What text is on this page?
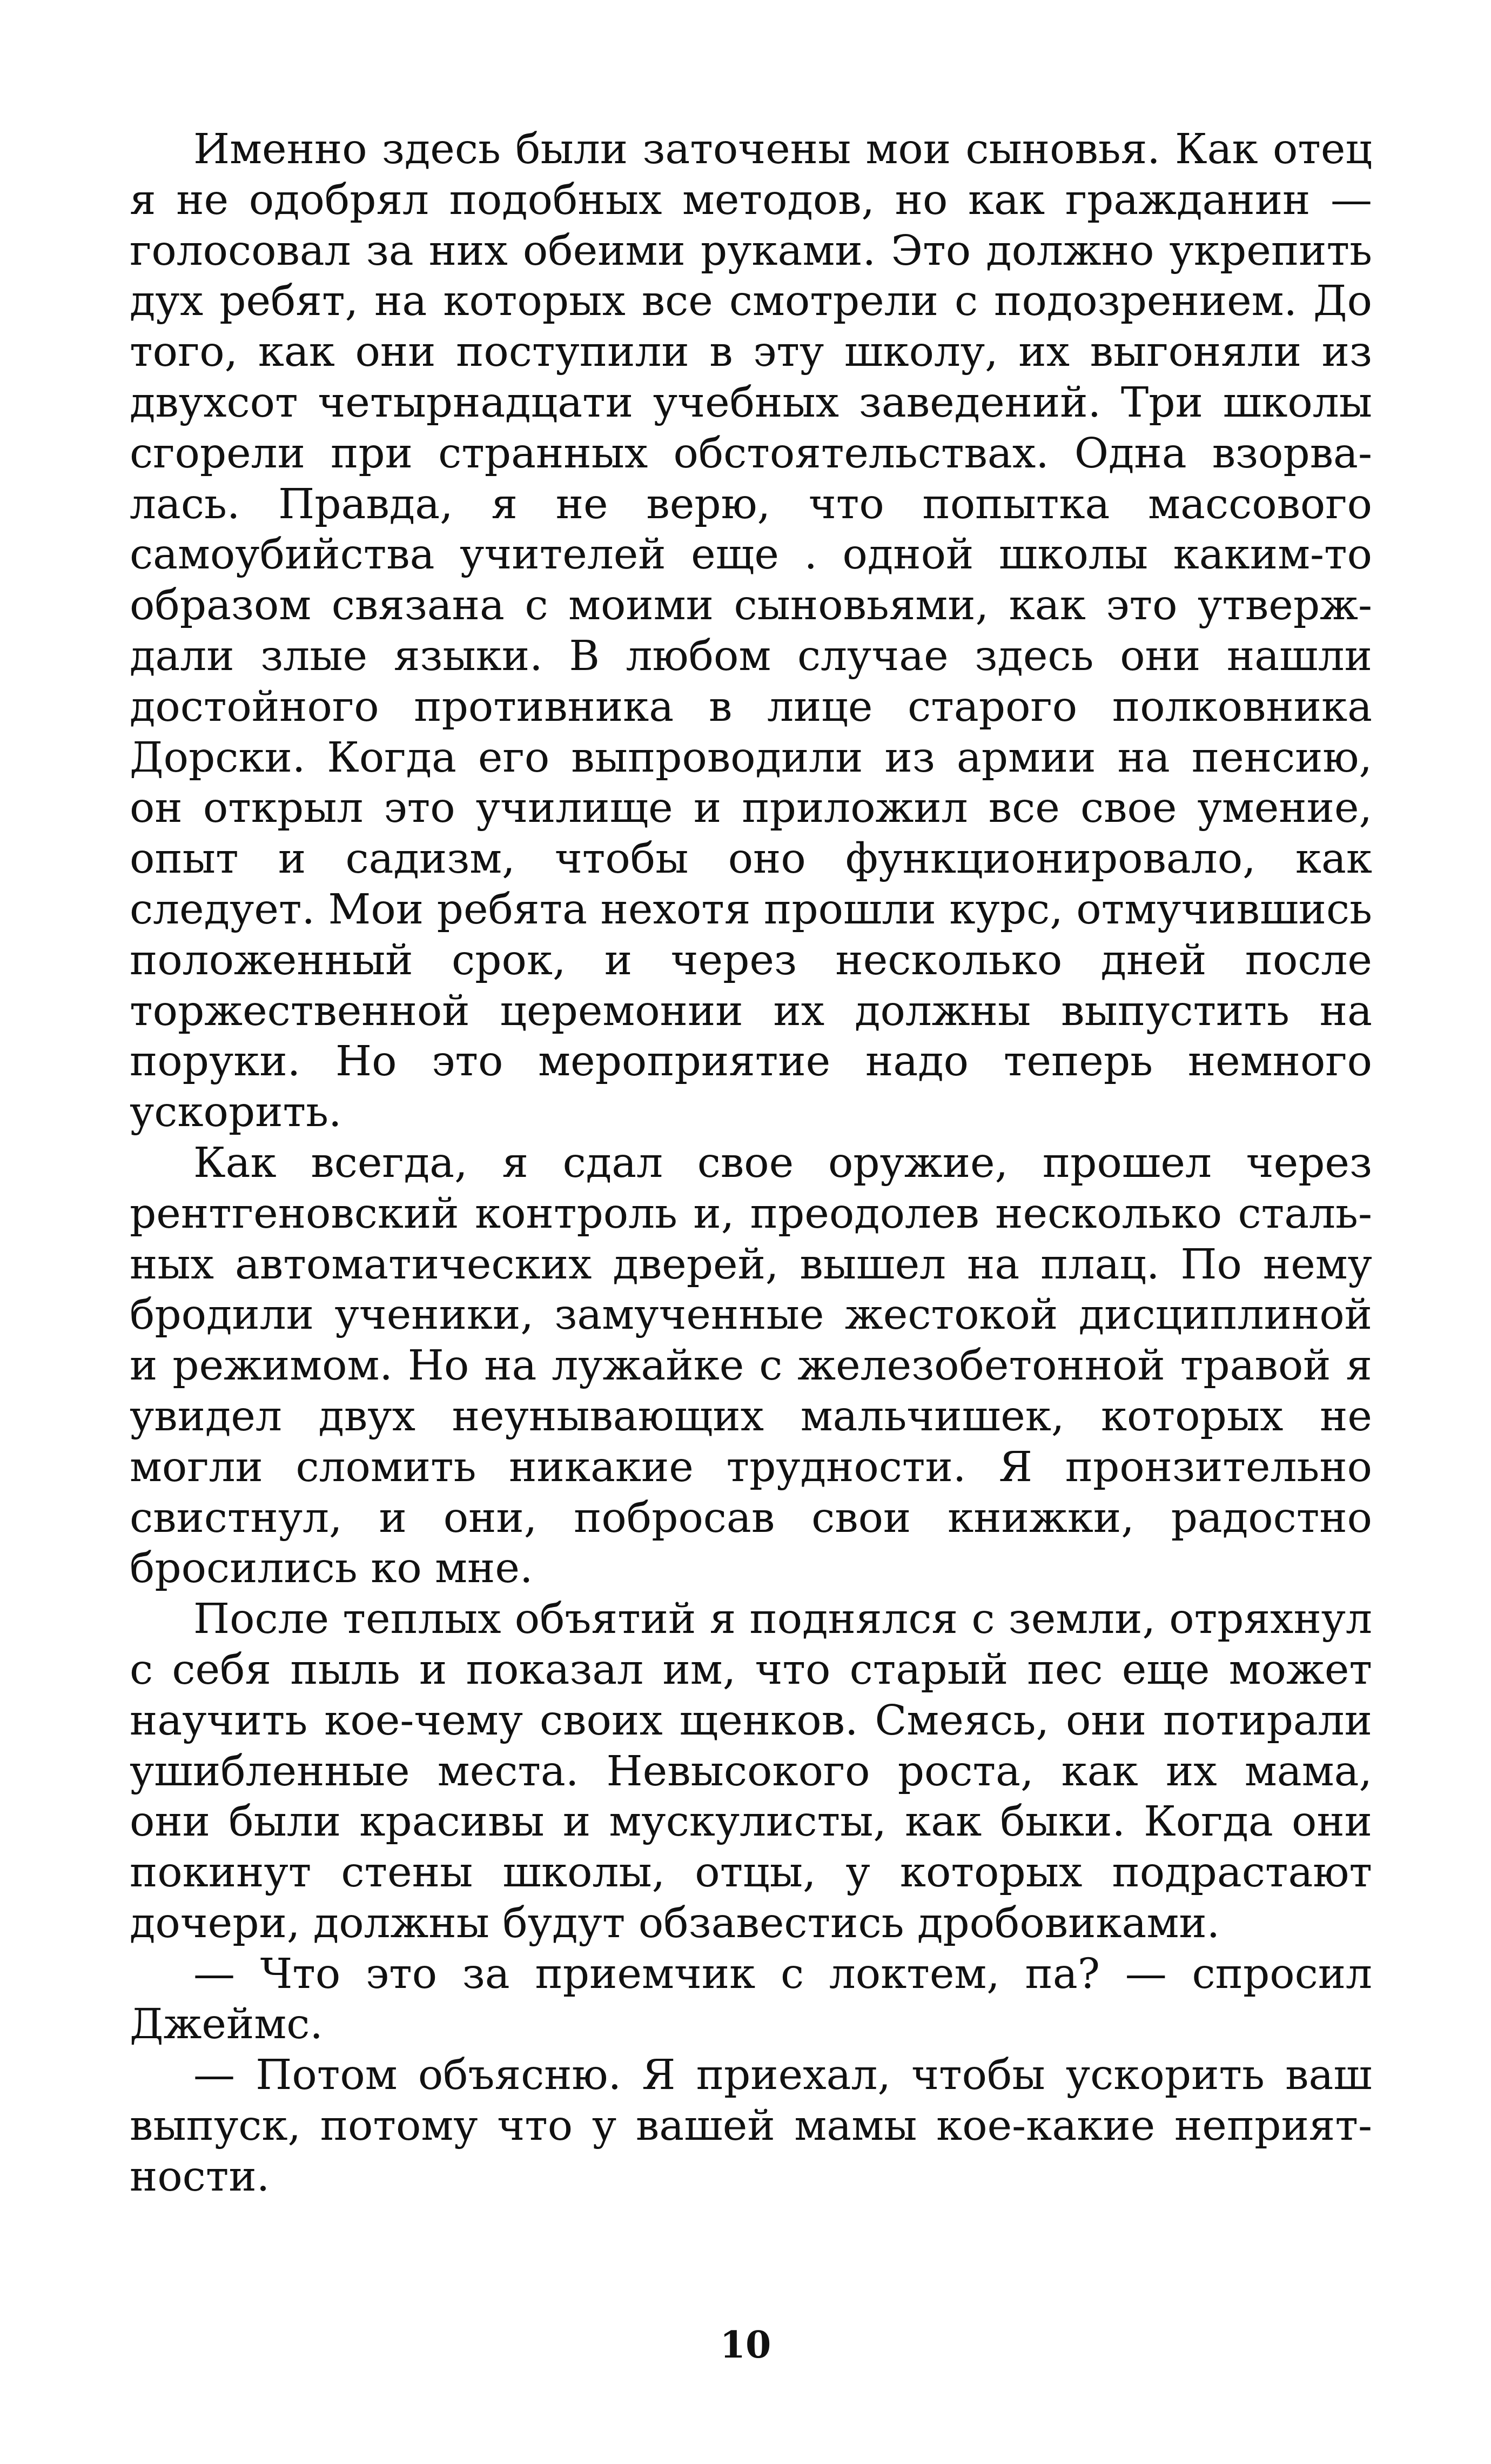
Именно здесь были заточены мои сыновья. Как отец я не одобрял подобных методов, но как гражданин — голосовал за них обеими руками. Это должно укрепить дух ребят, на которых все смотрели с подозрением. До того, как они поступили в эту школу, их выгоняли из двухсот четырнадцати учебных заведений. Три школы сгорели при странных обстоятельствах. Одна взорвалась. Правда, я не верю, что попытка массового самоубийства учителей еще . одной школы каким-то образом связана с моими сыновьями, как это утверждали злые языки. В любом случае здесь они нашли достойного противника в лице старого полковника Дорски. Когда его выпроводили из армии на пенсию, он открыл это училище и приложил все свое умение, опыт и садизм, чтобы оно функционировало, как следует. Мои ребята нехотя прошли курс, отмучившись положенный срок, и через несколько дней после торжественной церемонии их должны выпустить на поруки. Но это мероприятие надо теперь немного ускорить.

Как всегда, я сдал свое оружие, прошел через рентгеновский контроль и, преодолев несколько стальных автоматических дверей, вышел на плац. По нему бродили ученики, замученные жестокой дисциплиной и режимом. Но на лужайке с железобетонной травой я увидел двух неунывающих мальчишек, которых не могли сломить никакие трудности. Я пронзительно свистнул, и они, побросав свои книжки, радостно бросились ко мне.

После теплых объятий я поднялся с земли, отряхнул с себя пыль и показал им, что старый пес еще может научить кое-чему своих щенков. Смеясь, они потирали ушибленные места. Невысокого роста, как их мама, они были красивы и мускулисты, как быки. Когда они покинут стены школы, отцы, у которых подрастают дочери, должны будут обзавестись дробовиками.

— Что это за приемчик с локтем, па? — спросил Джеймс.

— Потом объясню. Я приехал, чтобы ускорить ваш выпуск, потому что у вашей мамы кое-какие неприятности.

10
